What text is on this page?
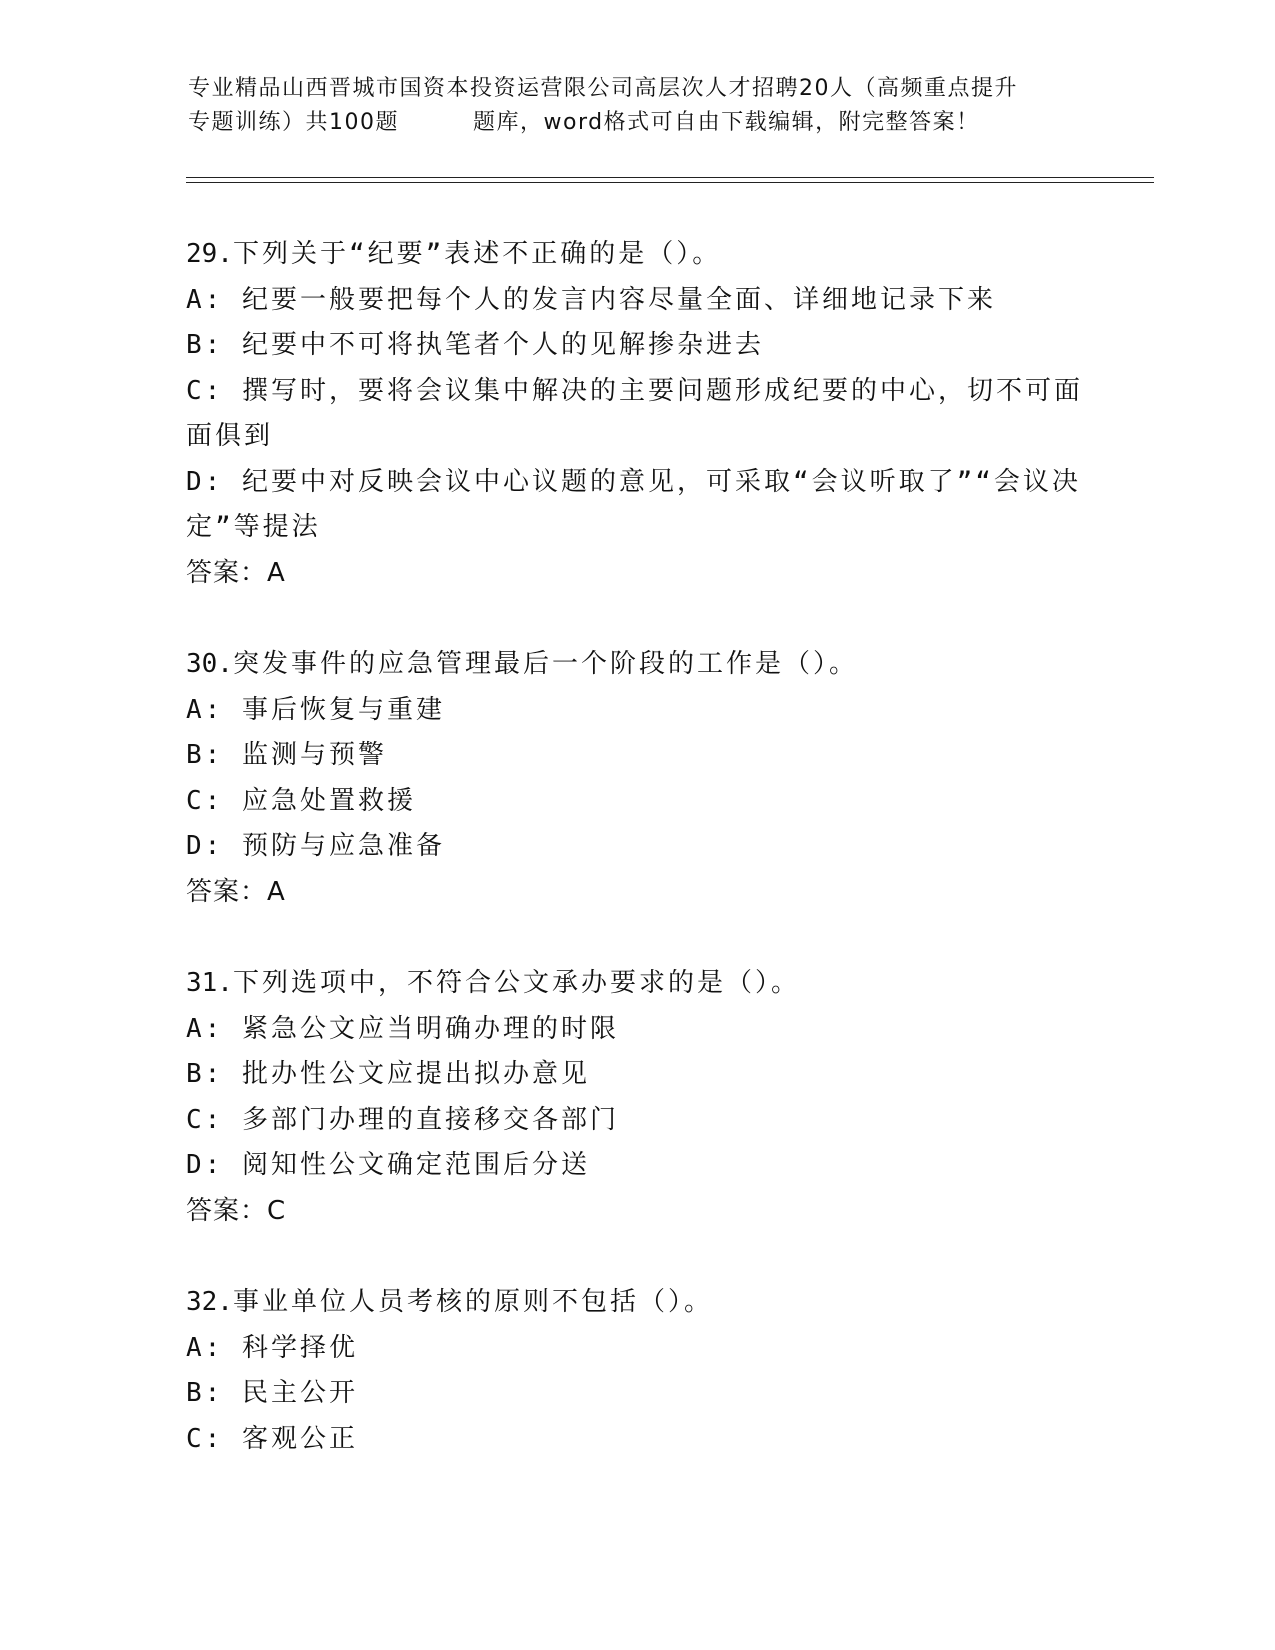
专业精品山西晋城市国资本投资运营限公司高层次人才招聘20人（高频重点提升
专题训练）共100题	题库，word格式可自由下载编辑，附完整答案！
29.下列关于“纪要”表述不正确的是（）。
A: 纪要一般要把每个人的发言内容尽量全面、详细地记录下来
B: 纪要中不可将执笔者个人的见解掺杂进去
C: 撰写时，要将会议集中解决的主要问题形成纪要的中心，切不可面面俱到
D: 纪要中对反映会议中心议题的意见，可采取“会议听取了”“会议决定”等提法
答案：A
30.突发事件的应急管理最后一个阶段的工作是（）。
A: 事后恢复与重建
B: 监测与预警
C: 应急处置救援
D: 预防与应急准备
答案：A
31.下列选项中，不符合公文承办要求的是（）。
A: 紧急公文应当明确办理的时限
B: 批办性公文应提出拟办意见
C: 多部门办理的直接移交各部门
D: 阅知性公文确定范围后分送
答案：C
32.事业单位人员考核的原则不包括（）。
A: 科学择优
B: 民主公开
C: 客观公正
